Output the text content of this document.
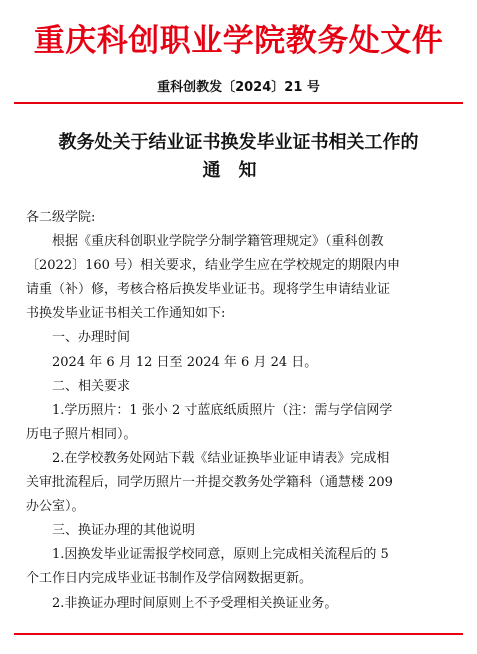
重庆科创职业学院教务处文件
重科创教发〔2024〕21 号
教务处关于结业证书换发毕业证书相关工作的
通知

各二级学院:

根据《重庆科创职业学院学分制学籍管理规定》（重科创教

〔2022〕160 号）相关要求，结业学生应在学校规定的期限内申

请重（补）修，考核合格后换发毕业证书。现将学生申请结业证

书换发毕业证书相关工作通知如下:

一、办理时间

2024 年 6 月 12 日至 2024 年 6 月 24 日。

二、相关要求

1.学历照片：1 张小 2 寸蓝底纸质照片（注：需与学信网学

历电子照片相同）。

2.在学校教务处网站下载《结业证换毕业证申请表》完成相

关审批流程后，同学历照片一并提交教务处学籍科（通慧楼 209

办公室）。

三、换证办理的其他说明

1.因换发毕业证需报学校同意，原则上完成相关流程后的 5

个工作日内完成毕业证书制作及学信网数据更新。

2.非换证办理时间原则上不予受理相关换证业务。
